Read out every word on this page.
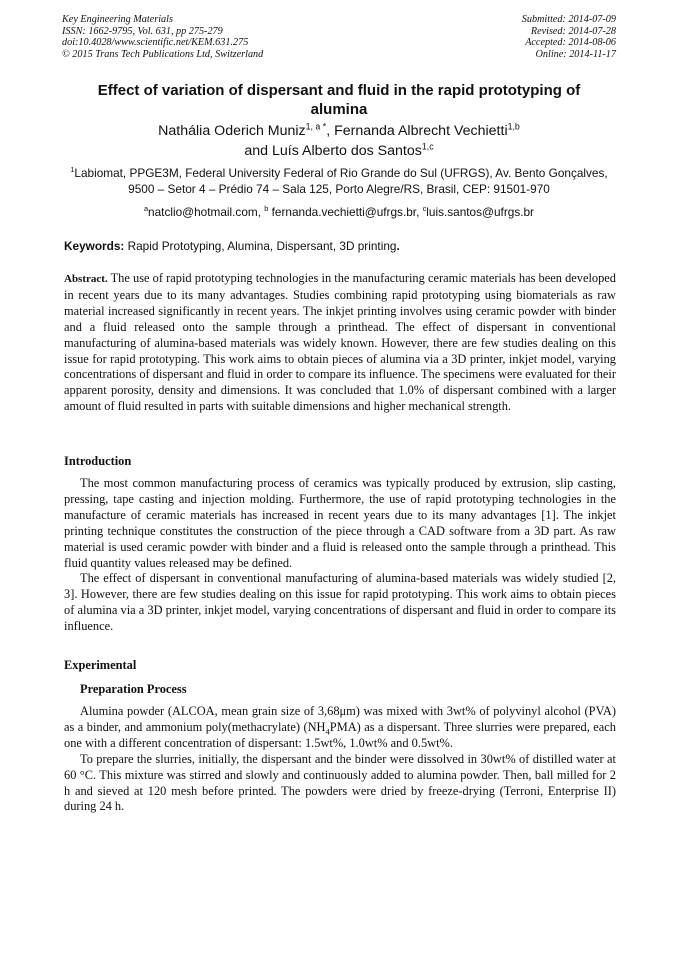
Key Engineering Materials
ISSN: 1662-9795, Vol. 631, pp 275-279
doi:10.4028/www.scientific.net/KEM.631.275
© 2015 Trans Tech Publications Ltd, Switzerland
Submitted: 2014-07-09
Revised: 2014-07-28
Accepted: 2014-08-06
Online: 2014-11-17
Effect of variation of dispersant and fluid in the rapid prototyping of alumina
Nathália Oderich Muniz$^{1, a *}$, Fernanda Albrecht Vechietti$^{1,b}$
and Luís Alberto dos Santos$^{1,c}$
$^1$Labiomat, PPGE3M, Federal University Federal of Rio Grande do Sul (UFRGS), Av. Bento Gonçalves, 9500 – Setor 4 – Prédio 74 – Sala 125, Porto Alegre/RS, Brasil, CEP: 91501-970
$^a$natclio@hotmail.com, $^b$ fernanda.vechietti@ufrgs.br, $^c$luis.santos@ufrgs.br
Keywords: Rapid Prototyping, Alumina, Dispersant, 3D printing.
Abstract. The use of rapid prototyping technologies in the manufacturing ceramic materials has been developed in recent years due to its many advantages. Studies combining rapid prototyping using biomaterials as raw material increased significantly in recent years. The inkjet printing involves using ceramic powder with binder and a fluid released onto the sample through a printhead. The effect of dispersant in conventional manufacturing of alumina-based materials was widely known. However, there are few studies dealing on this issue for rapid prototyping. This work aims to obtain pieces of alumina via a 3D printer, inkjet model, varying concentrations of dispersant and fluid in order to compare its influence. The specimens were evaluated for their apparent porosity, density and dimensions. It was concluded that 1.0% of dispersant combined with a larger amount of fluid resulted in parts with suitable dimensions and higher mechanical strength.
Introduction

The most common manufacturing process of ceramics was typically produced by extrusion, slip casting, pressing, tape casting and injection molding. Furthermore, the use of rapid prototyping technologies in the manufacture of ceramic materials has increased in recent years due to its many advantages [1]. The inkjet printing technique constitutes the construction of the piece through a CAD software from a 3D part. As raw material is used ceramic powder with binder and a fluid is released onto the sample through a printhead. This fluid quantity values released may be defined.

The effect of dispersant in conventional manufacturing of alumina-based materials was widely studied [2, 3]. However, there are few studies dealing on this issue for rapid prototyping. This work aims to obtain pieces of alumina via a 3D printer, inkjet model, varying concentrations of dispersant and fluid in order to compare its influence.

Experimental
Preparation Process

Alumina powder (ALCOA, mean grain size of 3,68μm) was mixed with 3wt% of polyvinyl alcohol (PVA) as a binder, and ammonium poly(methacrylate) $(NH_4PMA)$ as a dispersant. Three slurries were prepared, each one with a different concentration of dispersant: 1.5wt%, 1.0wt% and 0.5wt%.

To prepare the slurries, initially, the dispersant and the binder were dissolved in 30wt% of distilled water at 60 °C. This mixture was stirred and slowly and continuously added to alumina powder. Then, ball milled for 2 h and sieved at 120 mesh before printed. The powders were dried by freeze-drying (Terroni, Enterprise II) during 24 h.
